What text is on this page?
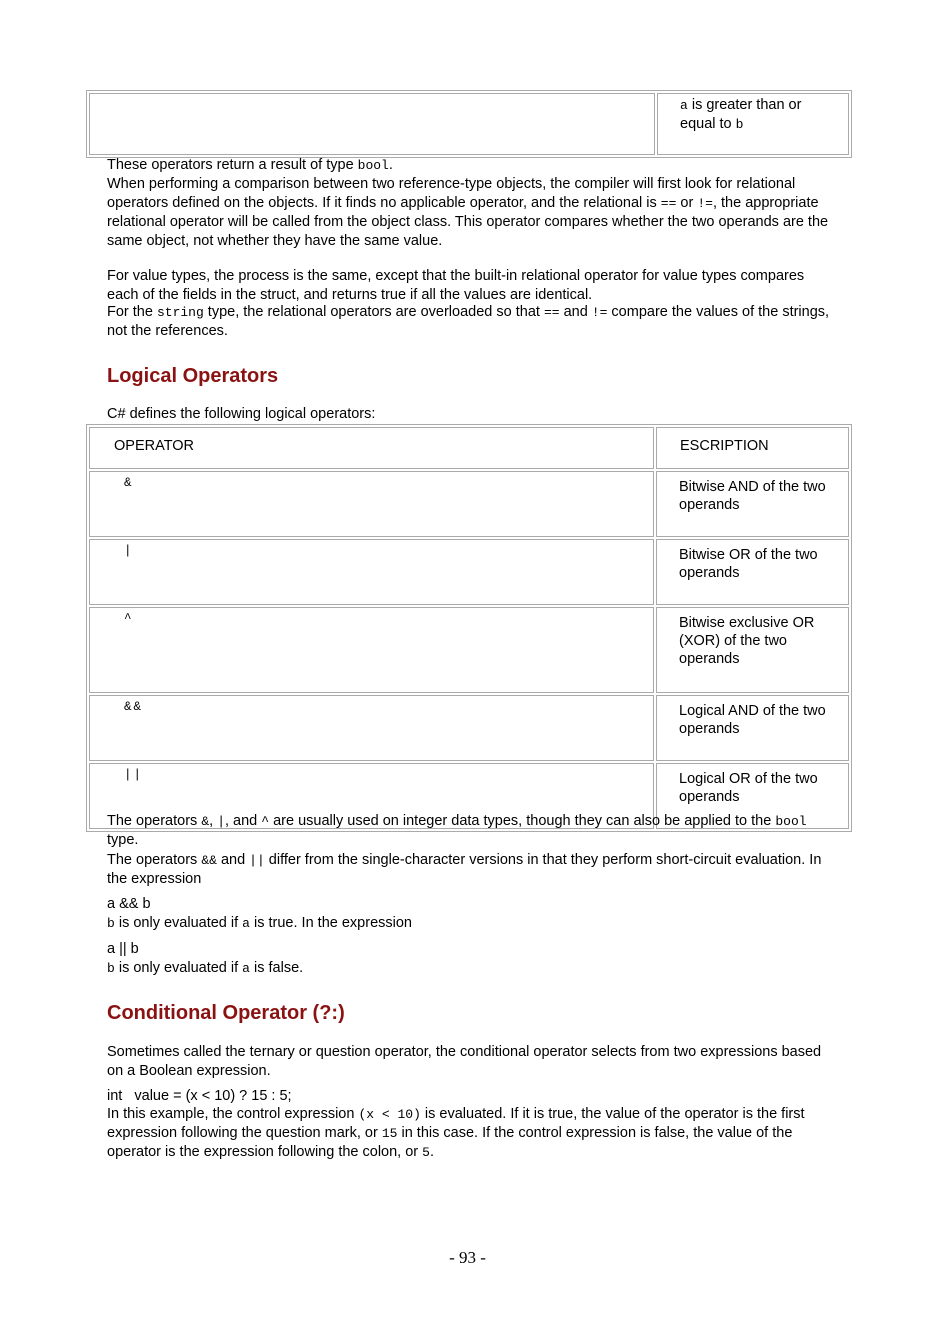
	a is greater than or equal to b

These operators return a result of type bool.

When performing a comparison between two reference-type objects, the compiler will first look for relational operators defined on the objects. If it finds no applicable operator, and the relational is == or !=, the appropriate relational operator will be called from the object class. This operator compares whether the two operands are the same object, not whether they have the same value.

For value types, the process is the same, except that the built-in relational operator for value types compares each of the fields in the struct, and returns true if all the values are identical.

For the string type, the relational operators are overloaded so that == and != compare the values of the strings, not the references.

Logical Operators

C# defines the following logical operators:

OPERATOR	ESCRIPTION
&	Bitwise AND of the two operands
|	Bitwise OR of the two operands
^	Bitwise exclusive OR (XOR) of the two operands
&&	Logical AND of the two operands
||	Logical OR of the two operands

The operators &, |, and ^ are usually used on integer data types, though they can also be applied to the bool type.

The operators && and || differ from the single-character versions in that they perform short-circuit evaluation. In the expression

a && b

b is only evaluated if a is true. In the expression

a || b

b is only evaluated if a is false.

Conditional Operator (?:)

Sometimes called the ternary or question operator, the conditional operator selects from two expressions based on a Boolean expression.

int   value = (x < 10) ? 15 : 5;

In this example, the control expression (x < 10) is evaluated. If it is true, the value of the operator is the first expression following the question mark, or 15 in this case. If the control expression is false, the value of the operator is the expression following the colon, or 5.

- 93 -
